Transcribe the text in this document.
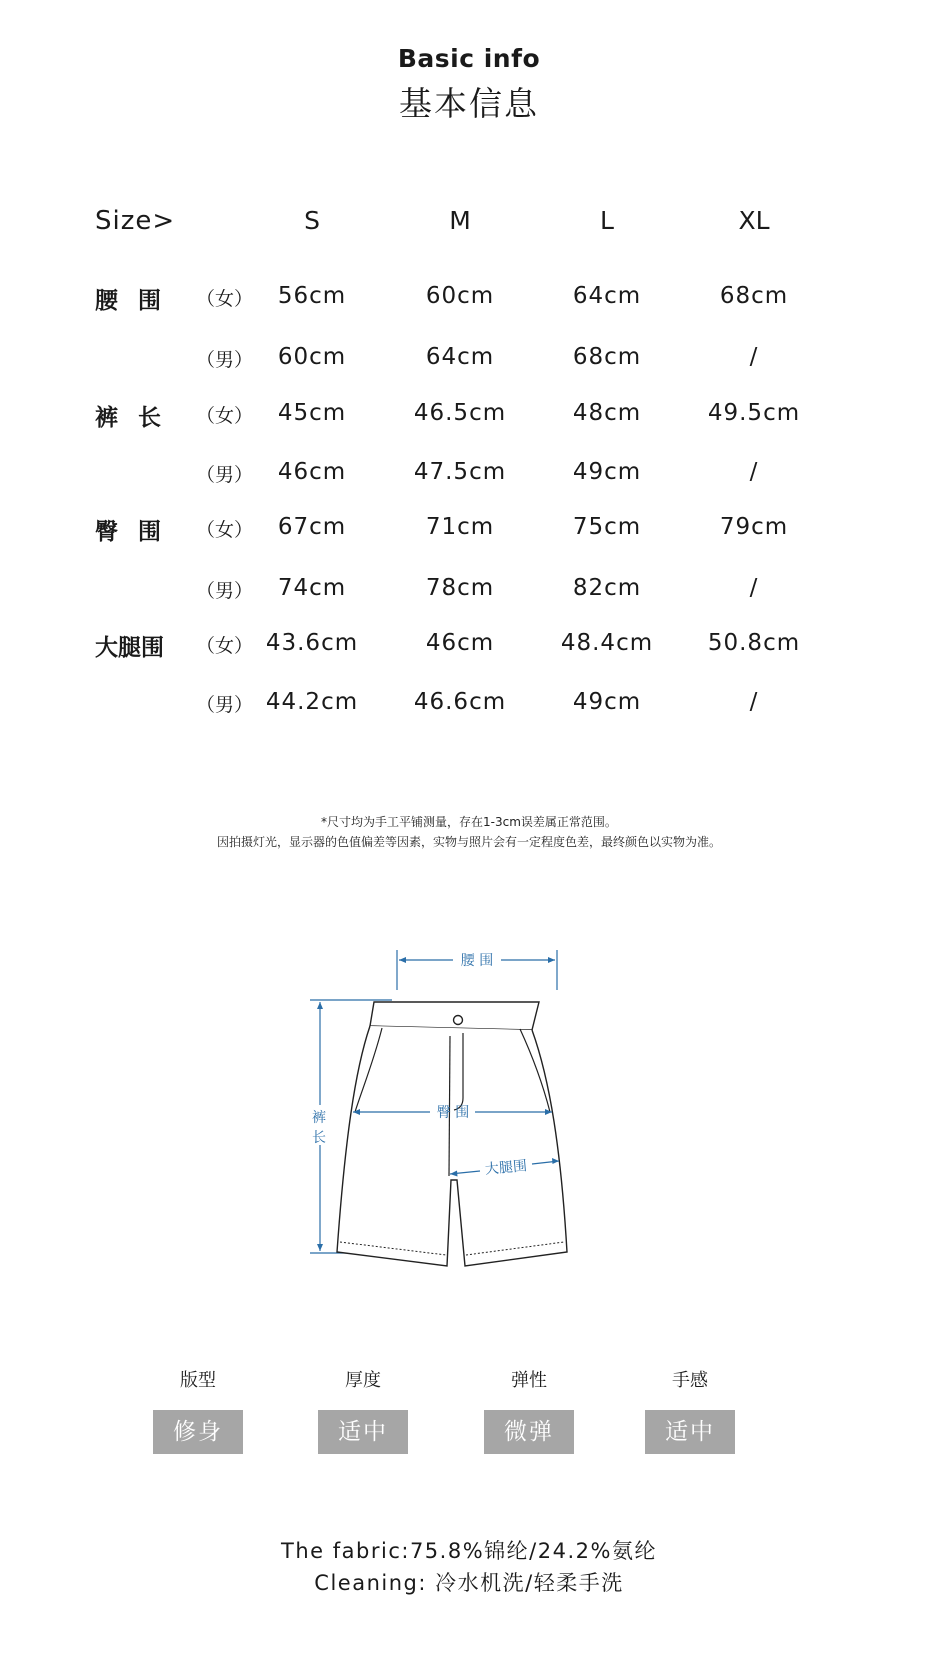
Basic info
基本信息
Size>	S	M	L	XL
腰 围 （女）	56cm	60cm	64cm	68cm
（男）	60cm	64cm	68cm	/
裤 长 （女）	45cm	46.5cm	48cm	49.5cm
（男）	46cm	47.5cm	49cm	/
臀 围 （女）	67cm	71cm	75cm	79cm
（男）	74cm	78cm	82cm	/
大腿围 （女） 43.6cm	46cm	48.4cm	50.8cm
（男） 44.2cm	46.6cm	49cm	/
*尺寸均为手工平铺测量，存在1-3cm误差属正常范围。
因拍摄灯光，显示器的色值偏差等因素，实物与照片会有一定程度色差，最终颜色以实物为准。
腰 围
裤
长
臀 围
大腿围
版型
修身
厚度
适中
弹性
微弹
手感
适中
The fabric:75.8%锦纶/24.2%氨纶
Cleaning: 冷水机洗/轻柔手洗
